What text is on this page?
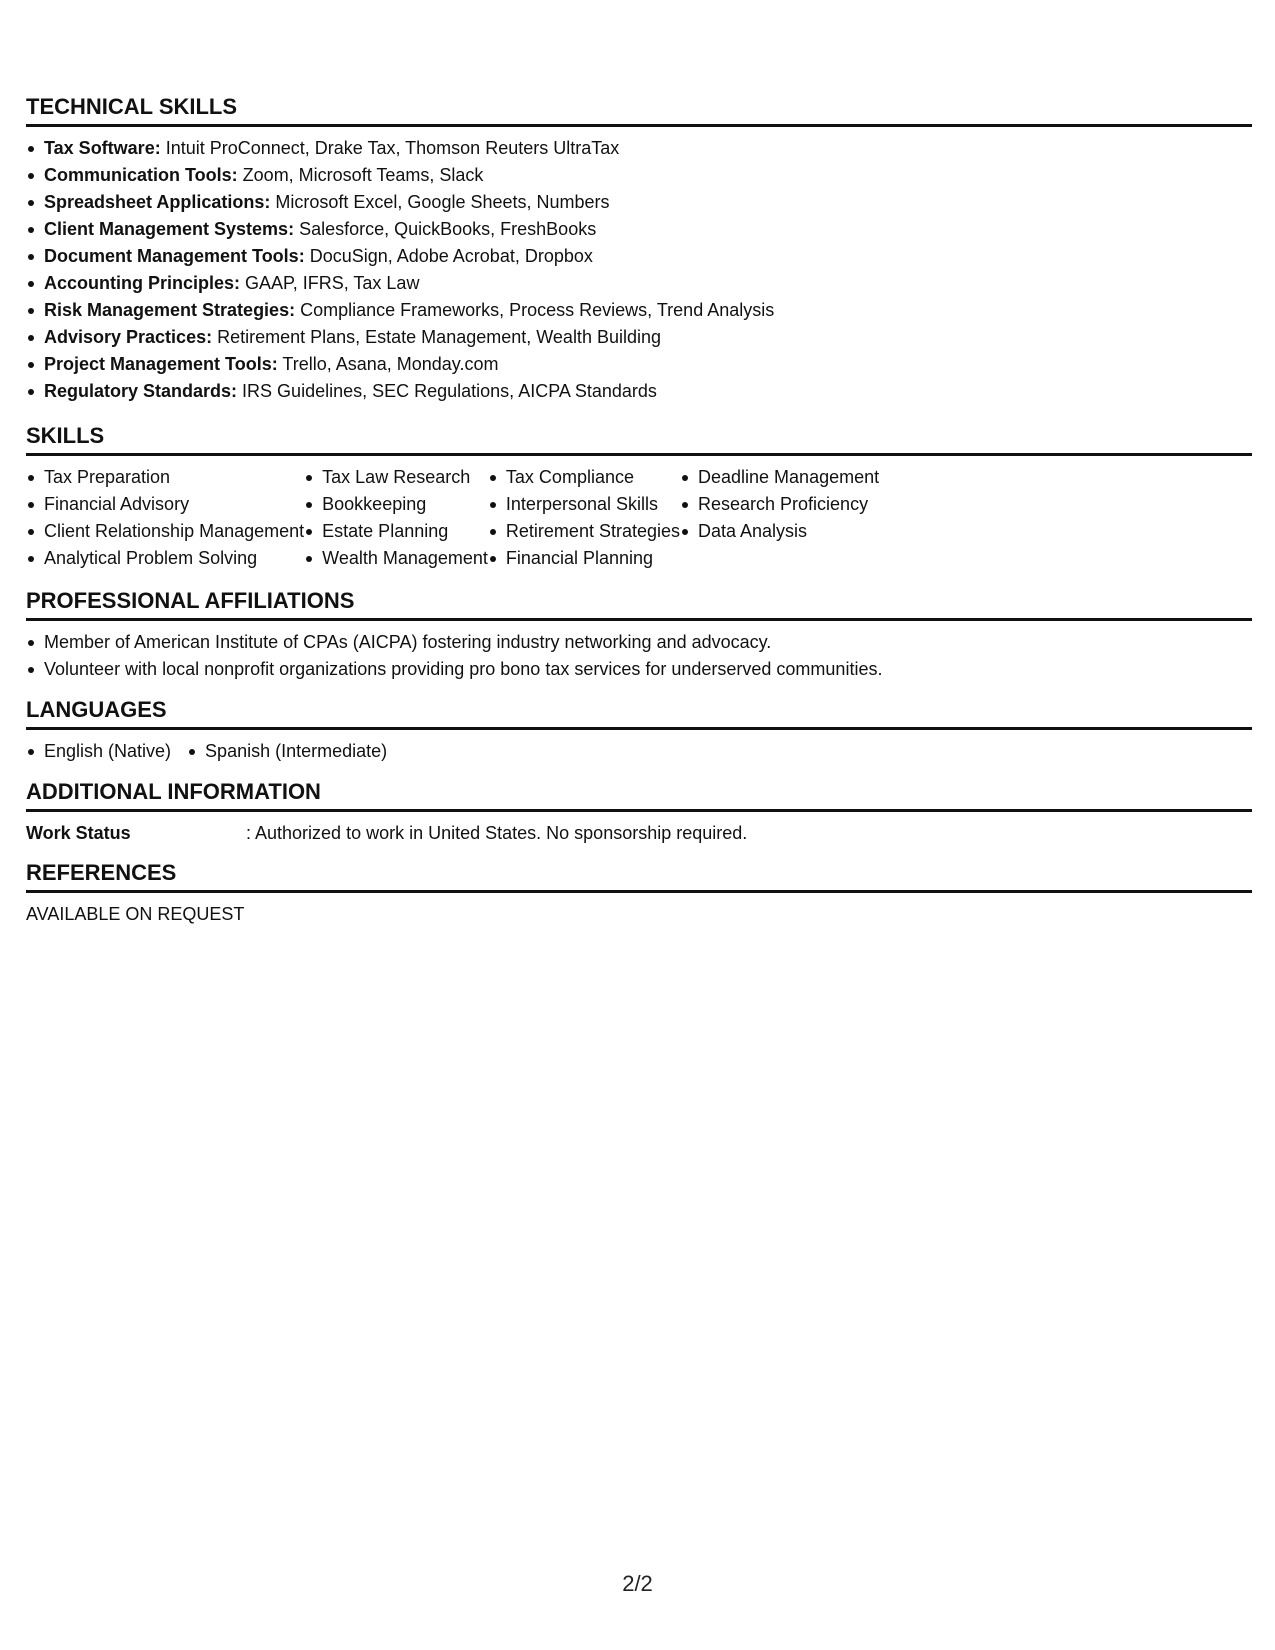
TECHNICAL SKILLS
Tax Software: Intuit ProConnect, Drake Tax, Thomson Reuters UltraTax
Communication Tools: Zoom, Microsoft Teams, Slack
Spreadsheet Applications: Microsoft Excel, Google Sheets, Numbers
Client Management Systems: Salesforce, QuickBooks, FreshBooks
Document Management Tools: DocuSign, Adobe Acrobat, Dropbox
Accounting Principles: GAAP, IFRS, Tax Law
Risk Management Strategies: Compliance Frameworks, Process Reviews, Trend Analysis
Advisory Practices: Retirement Plans, Estate Management, Wealth Building
Project Management Tools: Trello, Asana, Monday.com
Regulatory Standards: IRS Guidelines, SEC Regulations, AICPA Standards
SKILLS
Tax Preparation
Financial Advisory
Client Relationship Management
Analytical Problem Solving
Tax Law Research
Bookkeeping
Estate Planning
Wealth Management
Tax Compliance
Interpersonal Skills
Retirement Strategies
Financial Planning
Deadline Management
Research Proficiency
Data Analysis
PROFESSIONAL AFFILIATIONS
Member of American Institute of CPAs (AICPA) fostering industry networking and advocacy.
Volunteer with local nonprofit organizations providing pro bono tax services for underserved communities.
LANGUAGES
English (Native)	Spanish (Intermediate)
ADDITIONAL INFORMATION
Work Status	: Authorized to work in United States. No sponsorship required.
REFERENCES
AVAILABLE ON REQUEST
2/2
